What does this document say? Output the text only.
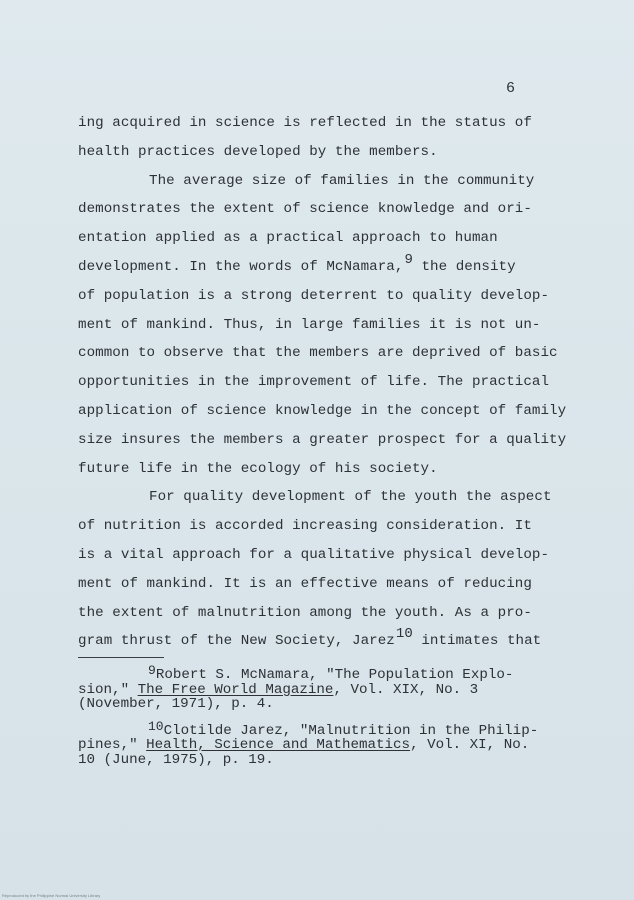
6
ing acquired in science is reflected in the status of
health practices developed by the members.
The average size of families in the community
demonstrates the extent of science knowledge and ori-
entation applied as a practical approach to human
development. In the words of McNamara,$^9$ the density
of population is a strong deterrent to quality develop-
ment of mankind. Thus, in large families it is not un-
common to observe that the members are deprived of basic
opportunities in the improvement of life. The practical
application of science knowledge in the concept of family
size insures the members a greater prospect for a quality
future life in the ecology of his society.
For quality development of the youth the aspect
of nutrition is accorded increasing consideration. It
is a vital approach for a qualitative physical develop-
ment of mankind. It is an effective means of reducing
the extent of malnutrition among the youth. As a pro-
gram thrust of the New Society, Jarez$^{10}$ intimates that
$^9$Robert S. McNamara, "The Population Explo-
sion," The Free World Magazine, Vol. XIX, No. 3
(November, 1971), p. 4.
$^{10}$Clotilde Jarez, "Malnutrition in the Philip-
pines," Health, Science and Mathematics, Vol. XI, No.
10 (June, 1975), p. 19.
Reproduced by the Philippine Normal University Library
